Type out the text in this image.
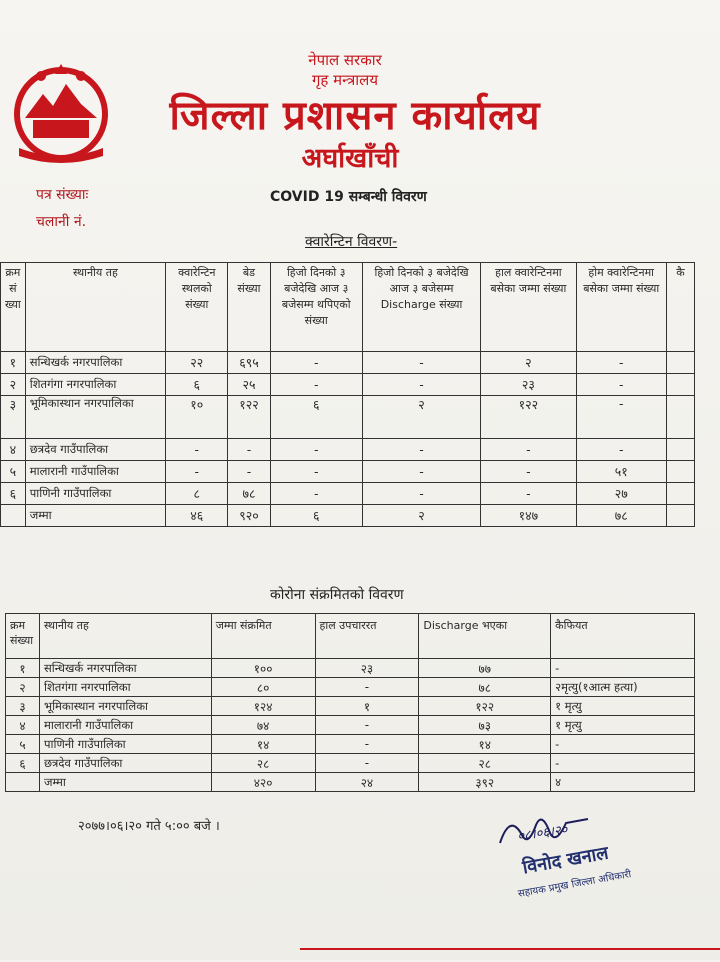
नेपाल सरकार
गृह मन्त्रालय
जिल्ला प्रशासन कार्यालय
अर्घाखाँची
पत्र संख्याः
चलानी नं.
COVID 19 सम्बन्धी विवरण
क्वारेन्टिन विवरण-
क्रम सं ख्या	स्थानीय तह	क्वारेन्टिन स्थलको संख्या	बेड संख्या	हिजो दिनको ३ बजेदेखि आज ३ बजेसम्म थपिएको संख्या	हिजो दिनको ३ बजेदेखि आज ३ बजेसम्म Discharge संख्या	हाल क्वारेन्टिनमा बसेका जम्मा संख्या	होम क्वारेन्टिनमा बसेका जम्मा संख्या	कै
१	सन्धिखर्क नगरपालिका	२२	६९५	-	-	२	-	
२	शितगंगा नगरपालिका	६	२५	-	-	२३	-	
३	भूमिकास्थान नगरपालिका	१०	१२२	६	२	१२२	-	
४	छत्रदेव गाउँपालिका	-	-	-	-	-	-	
५	मालारानी गाउँपालिका	-	-	-	-	-	५१	
६	पाणिनी गाउँपालिका	८	७८	-	-	-	२७	
	जम्मा	४६	९२०	६	२	१४७	७८	
कोरोना संक्रमितको विवरण
क्रम संख्या	स्थानीय तह	जम्मा संक्रमित	हाल उपचाररत	Discharge भएका	कैफियत
१	सन्धिखर्क नगरपालिका	१००	२३	७७	-
२	शितगंगा नगरपालिका	८०	-	७८	२मृत्यु(१आत्म हत्या)
३	भूमिकास्थान नगरपालिका	१२४	१	१२२	१ मृत्यु
४	मालारानी गाउँपालिका	७४	-	७३	१ मृत्यु
५	पाणिनी गाउँपालिका	१४	-	१४	-
६	छत्रदेव गाउँपालिका	२८	-	२८	-
	जम्मा	४२०	२४	३९२	४
२०७७।०६।२० गते ५:०० बजे ।	०८।०६।२०
विनोद खनाल
सहायक प्रमुख जिल्ला अधिकारी
